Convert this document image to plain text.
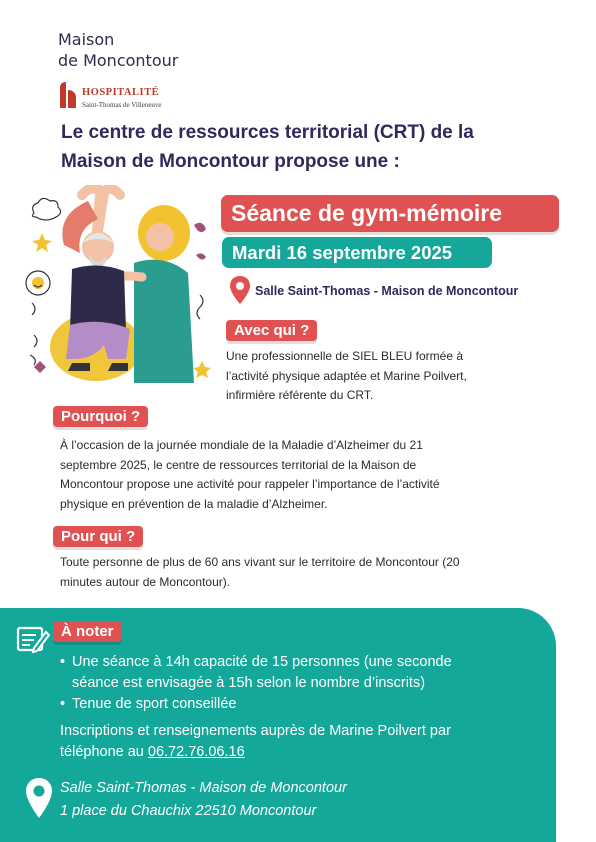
Maison
de Moncontour
HOSPITALITÉ
Saint-Thomas de Villeneuve
Le centre de ressources territorial (CRT) de la
Maison de Moncontour propose une :
Séance de gym-mémoire
Mardi 16 septembre 2025
Salle Saint-Thomas - Maison de Moncontour
Avec qui ?
Une professionnelle de SIEL BLEU formée à
l’activité physique adaptée et Marine Poilvert,
infirmière référente du CRT.
Pourquoi ?
À l’occasion de la journée mondiale de la Maladie d’Alzheimer du 21
septembre 2025, le centre de ressources territorial de la Maison de
Moncontour propose une activité pour rappeler l’importance de l’activité
physique en prévention de la maladie d’Alzheimer.
Pour qui ?
Toute personne de plus de 60 ans vivant sur le territoire de Moncontour (20
minutes autour de Moncontour).
À noter
• Une séance à 14h capacité de 15 personnes (une seconde
séance est envisagée à 15h selon le nombre d’inscrits)
• Tenue de sport conseillée
Inscriptions et renseignements auprès de Marine Poilvert par
téléphone au 06.72.76.06.16
Salle Saint-Thomas - Maison de Moncontour
1 place du Chauchix 22510 Moncontour
